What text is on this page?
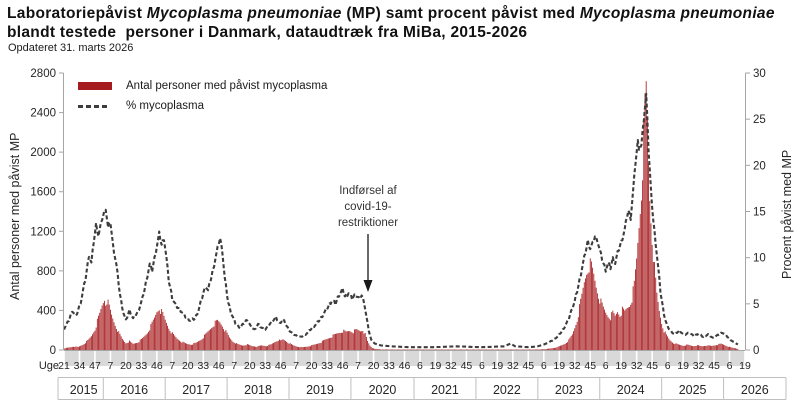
Laboratoriepåvist Mycoplasma pneumoniae (MP) samt procent påvist med Mycoplasma pneumoniae
blandt testede  personer i Danmark, dataudtræk fra MiBa, 2015-2026
Opdateret 31. marts 2026
0
400
800
1200
1600
2000
2400
2800
0
5
10
15
20
25
30
Uge 21 34 47 7 20 33 46 7 20 33 46 7 20 33 46 7 20 33 46 7 20 33 46 6 19 32 45 6 19 32 45 6 19 32 45 6 19 32 45 6 19 32 45 6 19
2015 2016	2017	2018	2019	2020	2021	2022	2023	2024	2025	2026
Antal personer med påvist mycoplasma
% mycoplasma
Indførsel af
covid-19-
restriktioner
Antal personer med påvist MP	Procent påvist med MP
